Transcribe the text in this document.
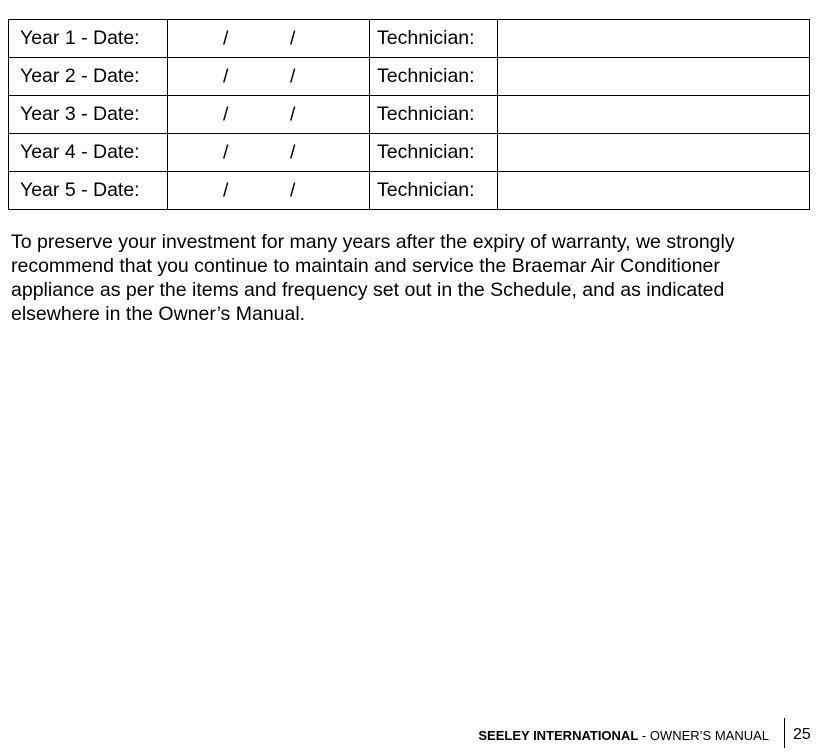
Year 1 - Date:	/ /	Technician:	
Year 2 - Date:	/ /	Technician:	
Year 3 - Date:	/ /	Technician:	
Year 4 - Date:	/ /	Technician:	
Year 5 - Date:	/ /	Technician:	

To preserve your investment for many years after the expiry of warranty, we strongly recommend that you continue to maintain and service the Braemar Air Conditioner appliance as per the items and frequency set out in the Schedule, and as indicated elsewhere in the Owner’s Manual.

SEELEY INTERNATIONAL - OWNER’S MANUAL 25
